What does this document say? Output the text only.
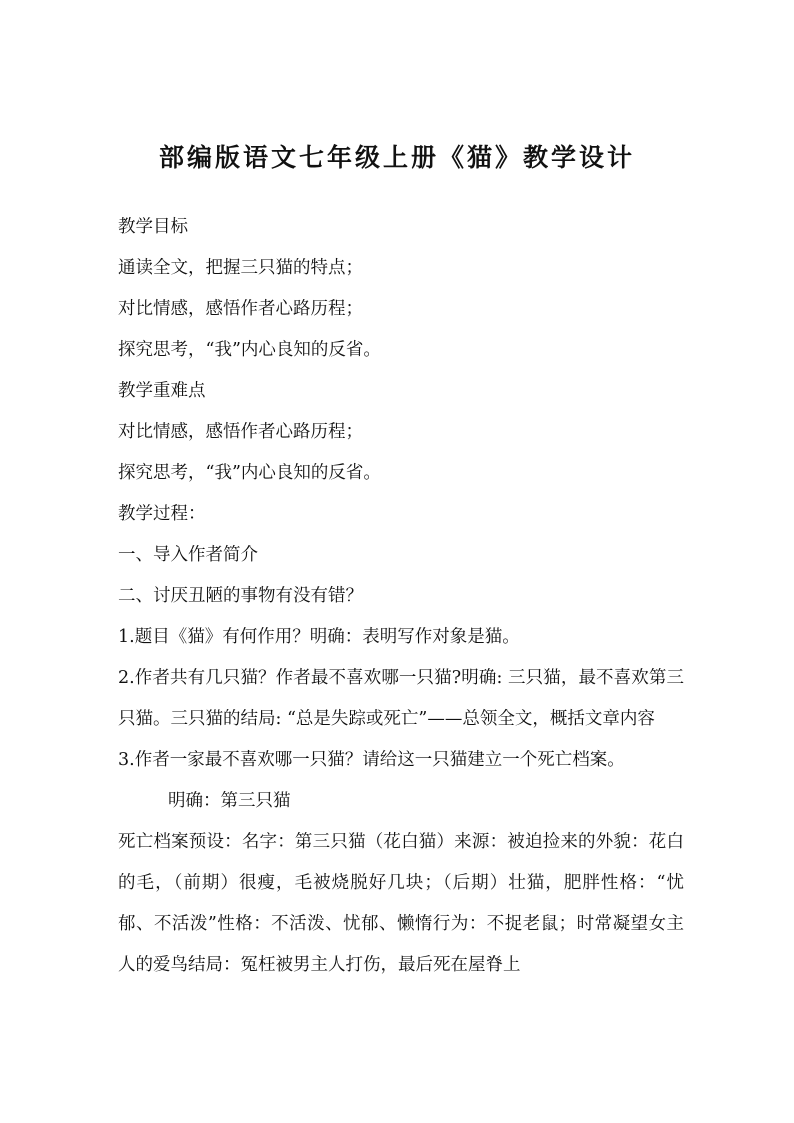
部编版语文七年级上册《猫》教学设计

教学目标

通读全文，把握三只猫的特点；

对比情感，感悟作者心路历程；

探究思考，“我”内心良知的反省。

教学重难点

对比情感，感悟作者心路历程；

探究思考，“我”内心良知的反省。

教学过程：

一、导入作者简介

二、讨厌丑陋的事物有没有错？

1.题目《猫》有何作用？明确：表明写作对象是猫。

2.作者共有几只猫？作者最不喜欢哪一只猫?明确: 三只猫，最不喜欢第三只猫。三只猫的结局: “总是失踪或死亡”——总领全文，概括文章内容

3.作者一家最不喜欢哪一只猫？请给这一只猫建立一个死亡档案。

明确：第三只猫

死亡档案预设：名字：第三只猫（花白猫）来源：被迫捡来的外貌：花白的毛，（前期）很瘦，毛被烧脱好几块；（后期）壮猫，肥胖性格：“忧郁、不活泼”性格：不活泼、忧郁、懒惰行为：不捉老鼠；时常凝望女主人的爱鸟结局：冤枉被男主人打伤，最后死在屋脊上
